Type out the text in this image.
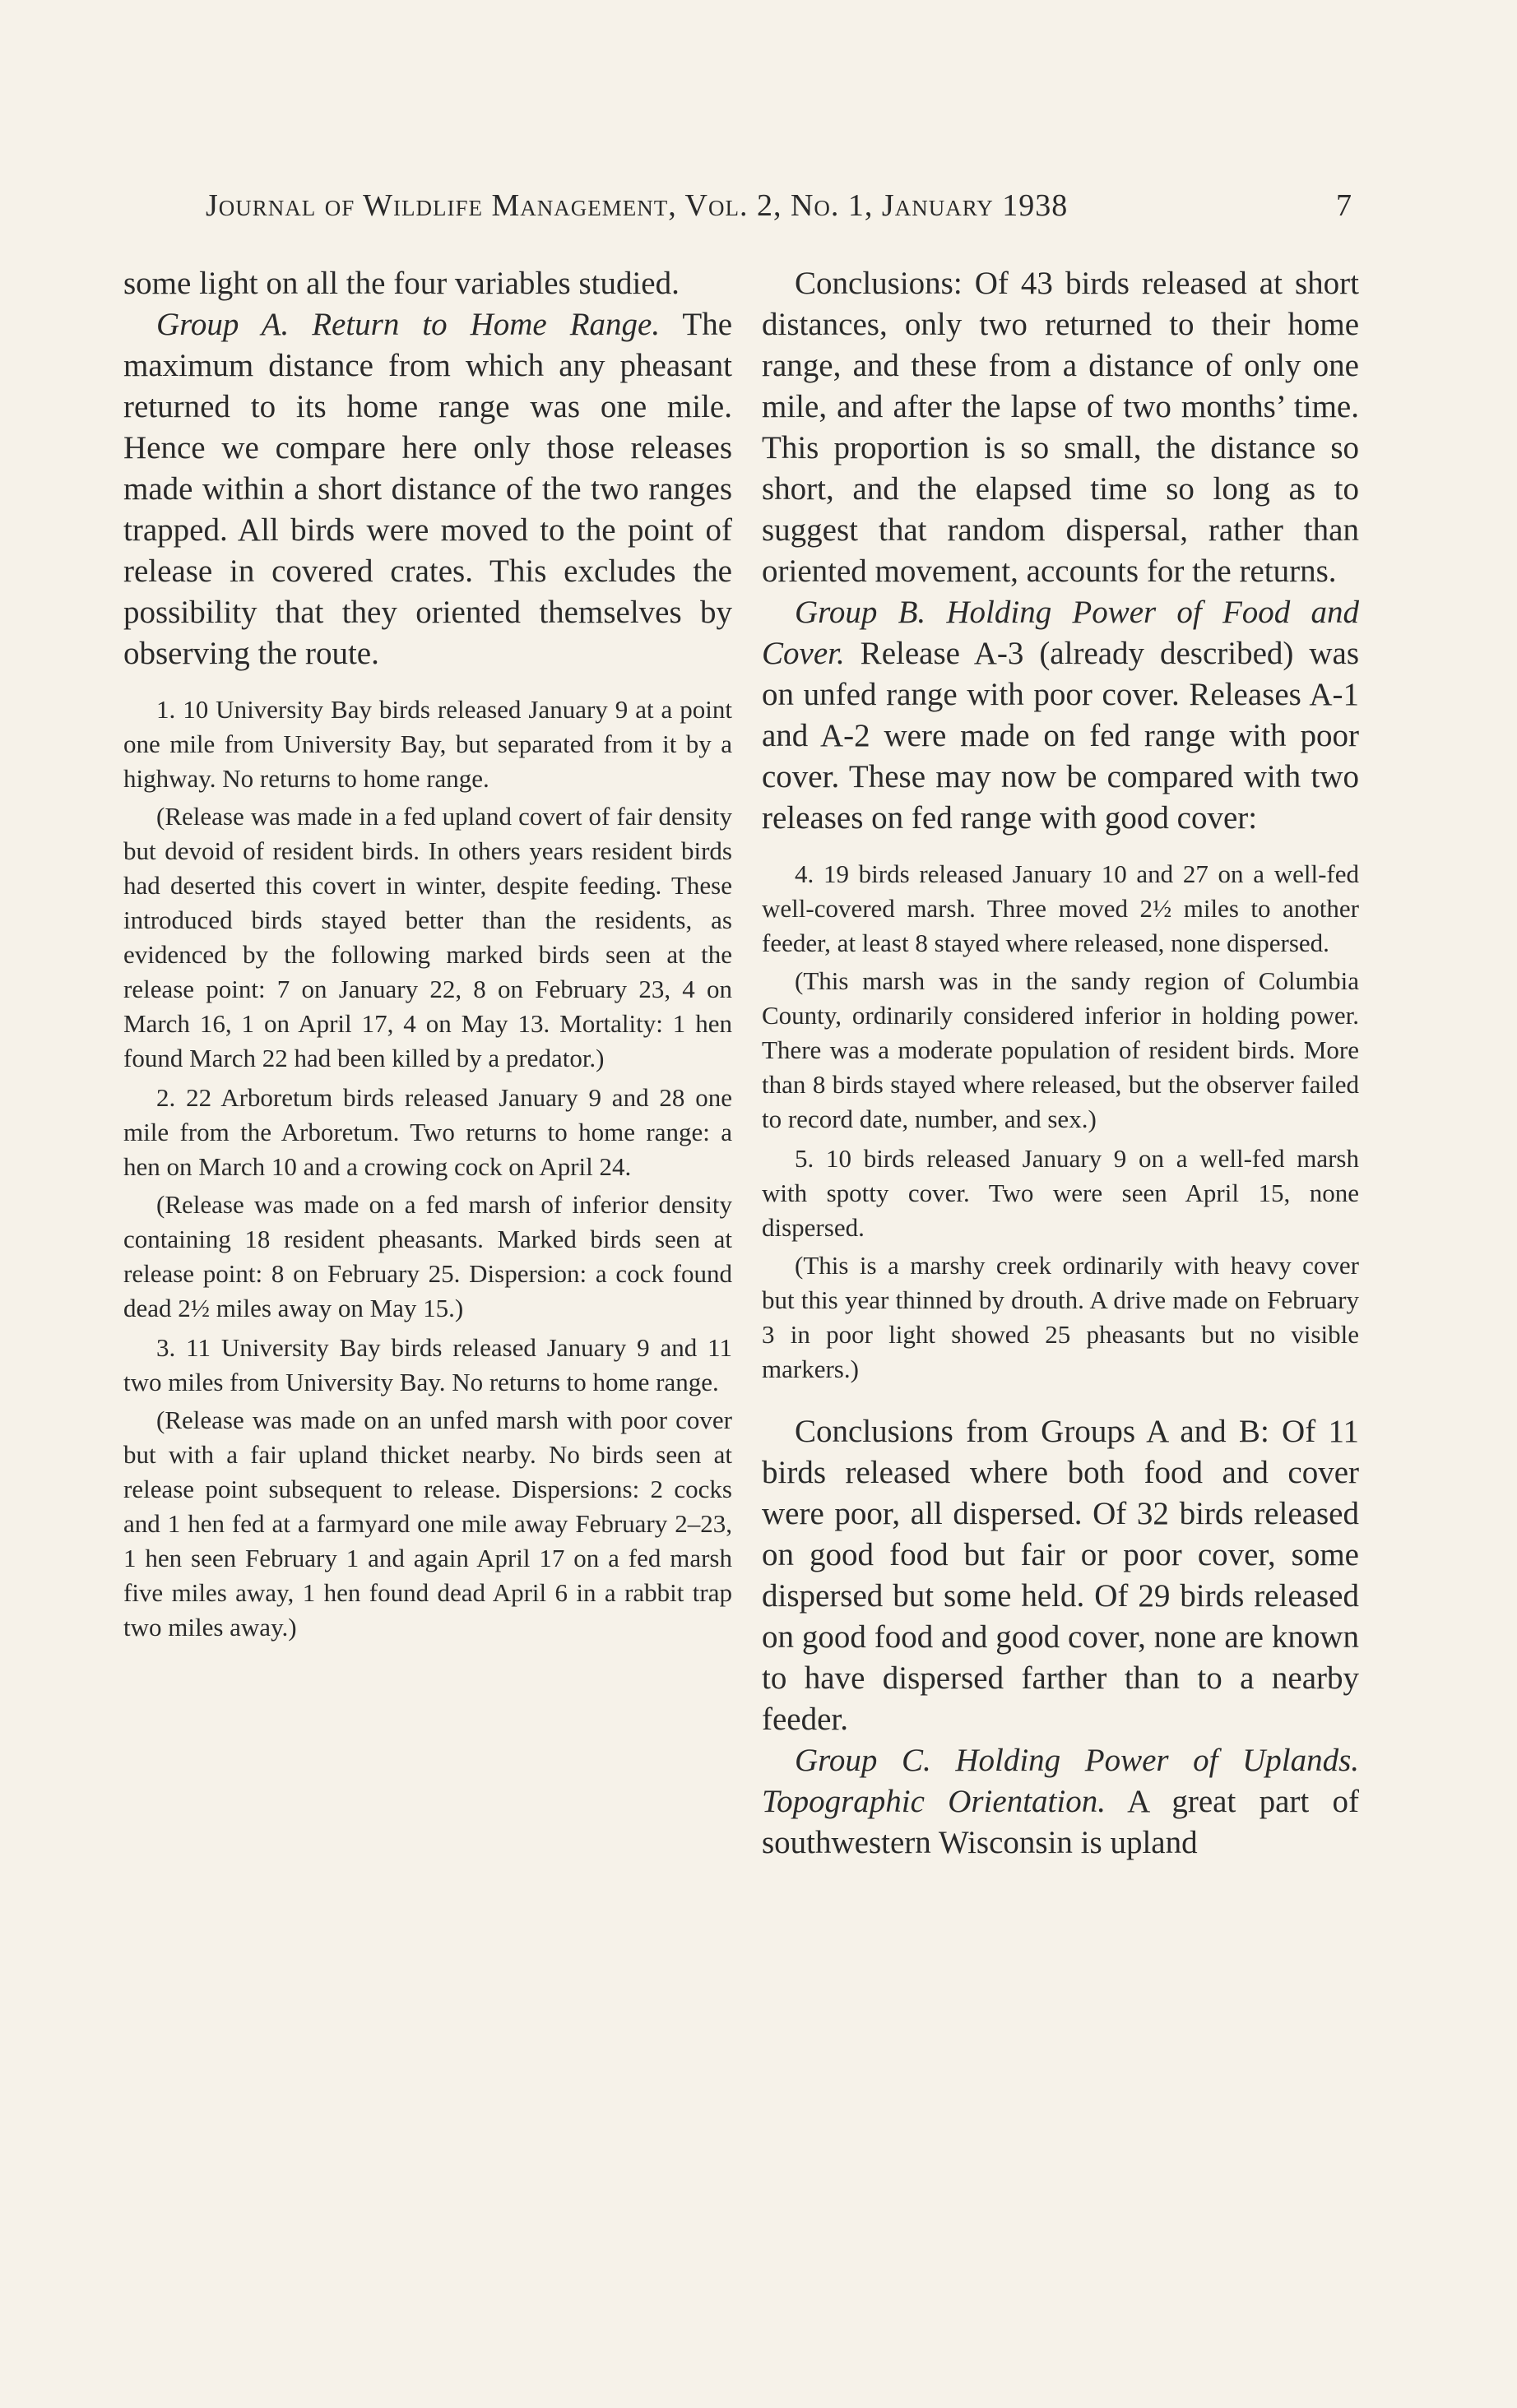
Journal of Wildlife Management, Vol. 2, No. 1, January 1938	7

some light on all the four variables studied.

Group A. Return to Home Range. The maximum distance from which any pheasant returned to its home range was one mile. Hence we compare here only those releases made within a short distance of the two ranges trapped. All birds were moved to the point of release in covered crates. This excludes the possibility that they oriented themselves by observing the route.

1. 10 University Bay birds released January 9 at a point one mile from University Bay, but separated from it by a highway. No returns to home range.

(Release was made in a fed upland covert of fair density but devoid of resident birds. In others years resident birds had deserted this covert in winter, despite feeding. These introduced birds stayed better than the residents, as evidenced by the following marked birds seen at the release point: 7 on January 22, 8 on February 23, 4 on March 16, 1 on April 17, 4 on May 13. Mortality: 1 hen found March 22 had been killed by a predator.)

2. 22 Arboretum birds released January 9 and 28 one mile from the Arboretum. Two returns to home range: a hen on March 10 and a crowing cock on April 24.

(Release was made on a fed marsh of inferior density containing 18 resident pheasants. Marked birds seen at release point: 8 on February 25. Dispersion: a cock found dead 2½ miles away on May 15.)

3. 11 University Bay birds released January 9 and 11 two miles from University Bay. No returns to home range.

(Release was made on an unfed marsh with poor cover but with a fair upland thicket nearby. No birds seen at release point subsequent to release. Dispersions: 2 cocks and 1 hen fed at a farmyard one mile away February 2–23, 1 hen seen February 1 and again April 17 on a fed marsh five miles away, 1 hen found dead April 6 in a rabbit trap two miles away.)

Conclusions: Of 43 birds released at short distances, only two returned to their home range, and these from a distance of only one mile, and after the lapse of two months’ time. This proportion is so small, the distance so short, and the elapsed time so long as to suggest that random dispersal, rather than oriented movement, accounts for the returns.

Group B. Holding Power of Food and Cover. Release A-3 (already described) was on unfed range with poor cover. Releases A-1 and A-2 were made on fed range with poor cover. These may now be compared with two releases on fed range with good cover:

4. 19 birds released January 10 and 27 on a well-fed well-covered marsh. Three moved 2½ miles to another feeder, at least 8 stayed where released, none dispersed.

(This marsh was in the sandy region of Columbia County, ordinarily considered inferior in holding power. There was a moderate population of resident birds. More than 8 birds stayed where released, but the observer failed to record date, number, and sex.)

5. 10 birds released January 9 on a well-fed marsh with spotty cover. Two were seen April 15, none dispersed.

(This is a marshy creek ordinarily with heavy cover but this year thinned by drouth. A drive made on February 3 in poor light showed 25 pheasants but no visible markers.)

Conclusions from Groups A and B: Of 11 birds released where both food and cover were poor, all dispersed. Of 32 birds released on good food but fair or poor cover, some dispersed but some held. Of 29 birds released on good food and good cover, none are known to have dispersed farther than to a nearby feeder.

Group C. Holding Power of Uplands. Topographic Orientation. A great part of southwestern Wisconsin is upland
